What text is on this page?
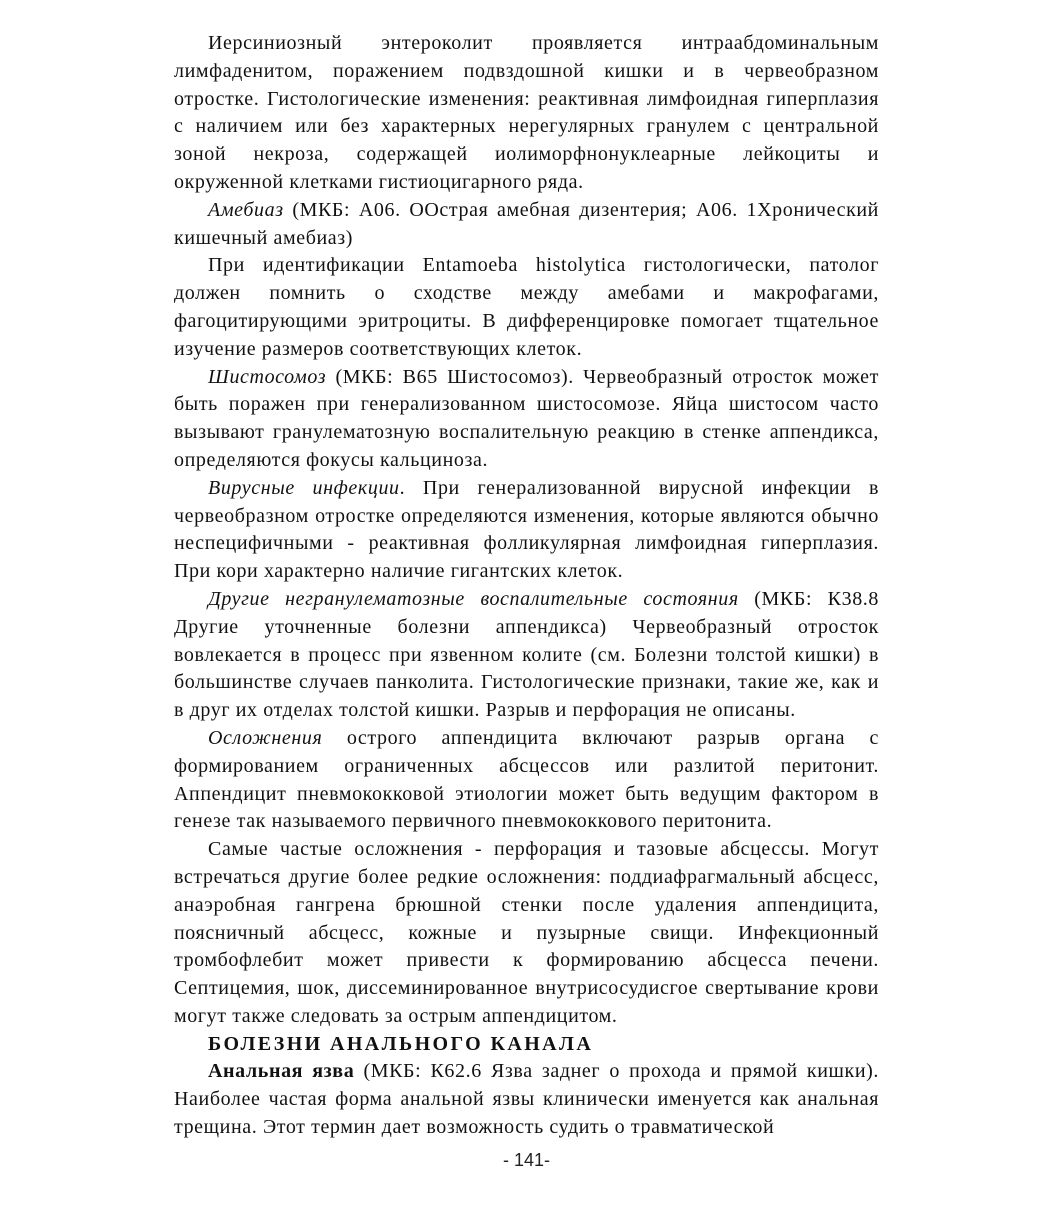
Иерсиниозный энтероколит проявляется интраабдоминальным лимфаденитом, поражением подвздошной кишки и в червеобразном отростке. Гистологические изменения: реактивная лимфоидная гиперплазия с наличием или без характерных нерегулярных гранулем с центральной зоной некроза, содержащей иолиморфнонуклеарные лейкоциты и окруженной клетками гистиоцигарного ряда.

Амебиаз (МКБ: А06. ООстрая амебная дизентерия; А06. 1Хронический кишечный амебиаз)

При идентификации Entamoeba histolytica гистологически, патолог должен помнить о сходстве между амебами и макрофагами, фагоцитирующими эритроциты. В дифференцировке помогает тщательное изучение размеров соответствующих клеток.

Шистосомоз (МКБ: В65 Шистосомоз). Червеобразный отросток может быть поражен при генерализованном шистосомозе. Яйца шистосом часто вызывают гранулематозную воспалительную реакцию в стенке аппендикса, определяются фокусы кальциноза.

Вирусные инфекции. При генерализованной вирусной инфекции в червеобразном отростке определяются изменения, которые являются обычно неспецифичными - реактивная фолликулярная лимфоидная гиперплазия. При кори характерно наличие гигантских клеток.

Другие негранулематозные воспалительные состояния (МКБ: К38.8 Другие уточненные болезни аппендикса) Червеобразный отросток вовлекается в процесс при язвенном колите (см. Болезни толстой кишки) в большинстве случаев панколита. Гистологические признаки, такие же, как и в друг их отделах толстой кишки. Разрыв и перфорация не описаны.

Осложнения острого аппендицита включают разрыв органа с формированием ограниченных абсцессов или разлитой перитонит. Аппендицит пневмококковой этиологии может быть ведущим фактором в генезе так называемого первичного пневмококкового перитонита.

Самые частые осложнения - перфорация и тазовые абсцессы. Могут встречаться другие более редкие осложнения: поддиафрагмальный абсцесс, анаэробная гангрена брюшной стенки после удаления аппендицита, поясничный абсцесс, кожные и пузырные свищи. Инфекционный тромбофлебит может привести к формированию абсцесса печени. Септицемия, шок, диссеминированное внутрисосудисгое свертывание крови могут также следовать за острым аппендицитом.

БОЛЕЗНИ АНАЛЬНОГО КАНАЛА

Анальная язва (МКБ: К62.6 Язва заднег о прохода и прямой кишки). Наиболее частая форма анальной язвы клинически именуется как анальная трещина. Этот термин дает возможность судить о травматической

- 141-
